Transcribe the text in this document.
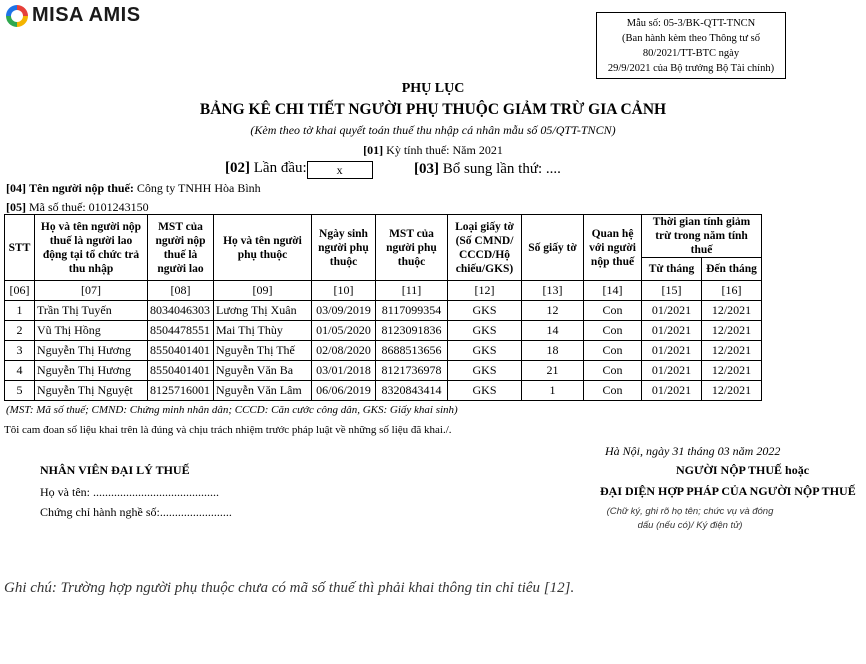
MISA AMIS	Mẫu số: 05-3/BK-QTT-TNCN
(Ban hành kèm theo Thông tư số
80/2021/TT-BTC ngày
29/9/2021 của Bộ trưởng Bộ Tài chính)
PHỤ LỤC
BẢNG KÊ CHI TIẾT NGƯỜI PHỤ THUỘC GIẢM TRỪ GIA CẢNH
(Kèm theo tờ khai quyết toán thuế thu nhập cá nhân mẫu số 05/QTT-TNCN)
[01] Kỳ tính thuế: Năm 2021
[02] Lần đầu:	x	[03] Bổ sung lần thứ: ....
[04] Tên người nộp thuế: Công ty TNHH Hòa Bình
[05] Mã số thuế: 0101243150
STT	Họ và tên người nộp thuế là người lao động tại tổ chức trả thu nhập	MST của người nộp thuế là người lao	Họ và tên người phụ thuộc	Ngày sinh người phụ thuộc	MST của người phụ thuộc	Loại giấy tờ (Số CMND/ CCCD/Hộ chiếu/GKS)	Số giấy tờ	Quan hệ với người nộp thuế	Thời gian tính giảm trừ trong năm tính thuế	
									Từ tháng	Đến tháng
[06]	[07]	[08]	[09]	[10]	[11]	[12]	[13]	[14]	[15]	[16]
1	Trần Thị Tuyến	8034046303	Lương Thị Xuân	03/09/2019	8117099354	GKS	12	Con	01/2021	12/2021
2	Vũ Thị Hồng	8504478551	Mai Thị Thùy	01/05/2020	8123091836	GKS	14	Con	01/2021	12/2021
3	Nguyễn Thị Hương	8550401401	Nguyễn Thị Thế	02/08/2020	8688513656	GKS	18	Con	01/2021	12/2021
4	Nguyễn Thị Hương	8550401401	Nguyễn Văn Ba	03/01/2018	8121736978	GKS	21	Con	01/2021	12/2021
5	Nguyễn Thị Nguyệt	8125716001	Nguyễn Văn Lâm	06/06/2019	8320843414	GKS	1	Con	01/2021	12/2021
(MST: Mã số thuế; CMND: Chứng minh nhân dân; CCCD: Căn cước công dân, GKS: Giấy khai sinh)
Tôi cam đoan số liệu khai trên là đúng và chịu trách nhiệm trước pháp luật về những số liệu đã khai./.
Hà Nội, ngày 31 tháng 03 năm 2022
NHÂN VIÊN ĐẠI LÝ THUẾ
Họ và tên: ..........................................
Chứng chỉ hành nghề số:........................
NGƯỜI NỘP THUẾ hoặc
ĐẠI DIỆN HỢP PHÁP CỦA NGƯỜI NỘP THUẾ
(Chữ ký, ghi rõ họ tên; chức vụ và đóng
dấu (nếu có)/ Ký điện tử)
Ghi chú: Trường hợp người phụ thuộc chưa có mã số thuế thì phải khai thông tin chỉ tiêu [12].
